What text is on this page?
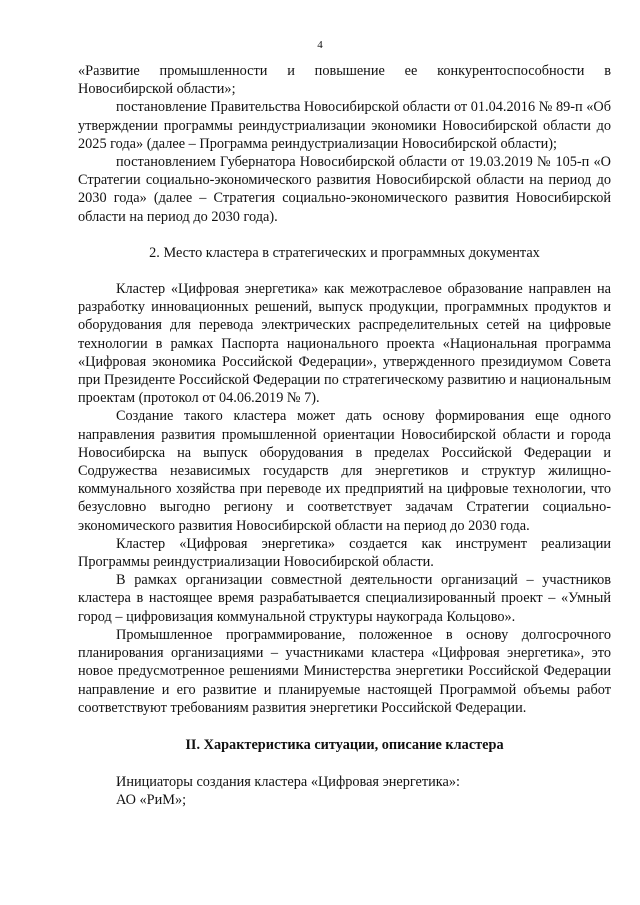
4

«Развитие промышленности и повышение ее конкурентоспособности в Новосибирской области»;

постановление Правительства Новосибирской области от 01.04.2016 № 89-п «Об утверждении программы реиндустриализации экономики Новосибирской области до 2025 года» (далее – Программа реиндустриализации Новосибирской области);

постановлением Губернатора Новосибирской области от 19.03.2019 № 105-п «О Стратегии социально-экономического развития Новосибирской области на период до 2030 года» (далее – Стратегия социально-экономического развития Новосибирской области на период до 2030 года).

2. Место кластера в стратегических и программных документах

Кластер «Цифровая энергетика» как межотраслевое образование направлен на разработку инновационных решений, выпуск продукции, программных продуктов и оборудования для перевода электрических распределительных сетей на цифровые технологии в рамках Паспорта национального проекта «Национальная программа «Цифровая экономика Российской Федерации», утвержденного президиумом Совета при Президенте Российской Федерации по стратегическому развитию и национальным проектам (протокол от 04.06.2019 № 7).

Создание такого кластера может дать основу формирования еще одного направления развития промышленной ориентации Новосибирской области и города Новосибирска на выпуск оборудования в пределах Российской Федерации и Содружества независимых государств для энергетиков и структур жилищно-коммунального хозяйства при переводе их предприятий на цифровые технологии, что безусловно выгодно региону и соответствует задачам Стратегии социально-экономического развития Новосибирской области на период до 2030 года.

Кластер «Цифровая энергетика» создается как инструмент реализации Программы реиндустриализации Новосибирской области.

В рамках организации совместной деятельности организаций – участников кластера в настоящее время разрабатывается специализированный проект – «Умный город – цифровизация коммунальной структуры наукограда Кольцово».

Промышленное программирование, положенное в основу долгосрочного планирования организациями – участниками кластера «Цифровая энергетика», это новое предусмотренное решениями Министерства энергетики Российской Федерации направление и его развитие и планируемые настоящей Программой объемы работ соответствуют требованиям развития энергетики Российской Федерации.

II. Характеристика ситуации, описание кластера

Инициаторы создания кластера «Цифровая энергетика»:

АО «РиМ»;
